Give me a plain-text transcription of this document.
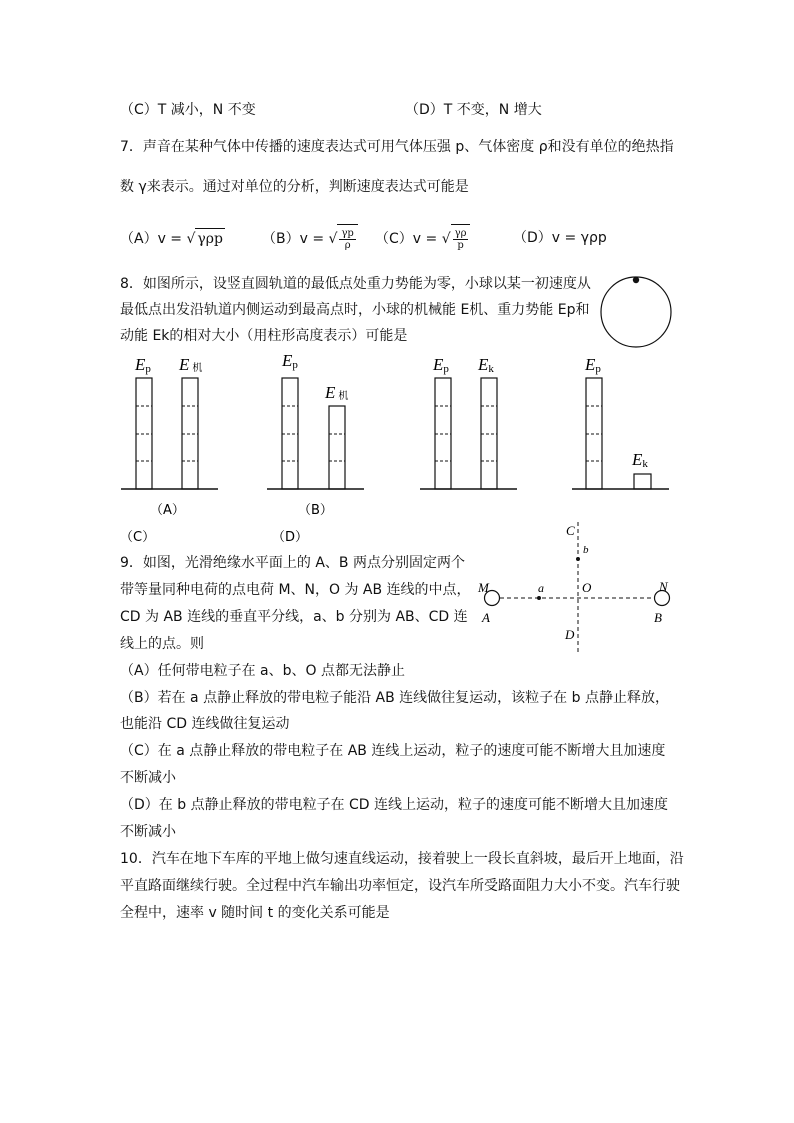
（C）T 减小，N 不变	（D）T 不变，N 增大
7．声音在某种气体中传播的速度表达式可用气体压强 p、气体密度 ρ和没有单位的绝热指
数 γ来表示。通过对单位的分析，判断速度表达式可能是
（A）v = √ γρp	（B）v = √ $\frac{\gamma p}{\rho} (C)v$ = √ $\frac{\gamma\rho}{p}$	（D）v = γρp
8．如图所示，设竖直圆轨道的最低点处重力势能为零，小球以某一初速度从
最低点出发沿轨道内侧运动到最高点时，小球的机械能 E机、重力势能 Ep和
动能 Ek的相对大小（用柱形高度表示）可能是
9．如图，光滑绝缘水平面上的 A、B 两点分别固定两个
带等量同种电荷的点电荷 M、N，O 为 AB 连线的中点，
CD 为 AB 连线的垂直平分线，a、b 分别为 AB、CD 连
线上的点。则
（A）任何带电粒子在 a、b、O 点都无法静止
（B）若在 a 点静止释放的带电粒子能沿 AB 连线做往复运动，该粒子在 b 点静止释放，
也能沿 CD 连线做往复运动
（C）在 a 点静止释放的带电粒子在 AB 连线上运动，粒子的速度可能不断增大且加速度
不断减小
（D）在 b 点静止释放的带电粒子在 CD 连线上运动，粒子的速度可能不断增大且加速度
不断减小
10．汽车在地下车库的平地上做匀速直线运动，接着驶上一段长直斜坡，最后开上地面，沿
平直路面继续行驶。全过程中汽车输出功率恒定，设汽车所受路面阻力大小不变。汽车行驶
全程中，速率 v 随时间 t 的变化关系可能是
Ep E机
（A）
Ep
E机
（B）
Ep Ek	Ep
Ek
（C）	（D）	C
b
M	a	O	N
A	B
D
